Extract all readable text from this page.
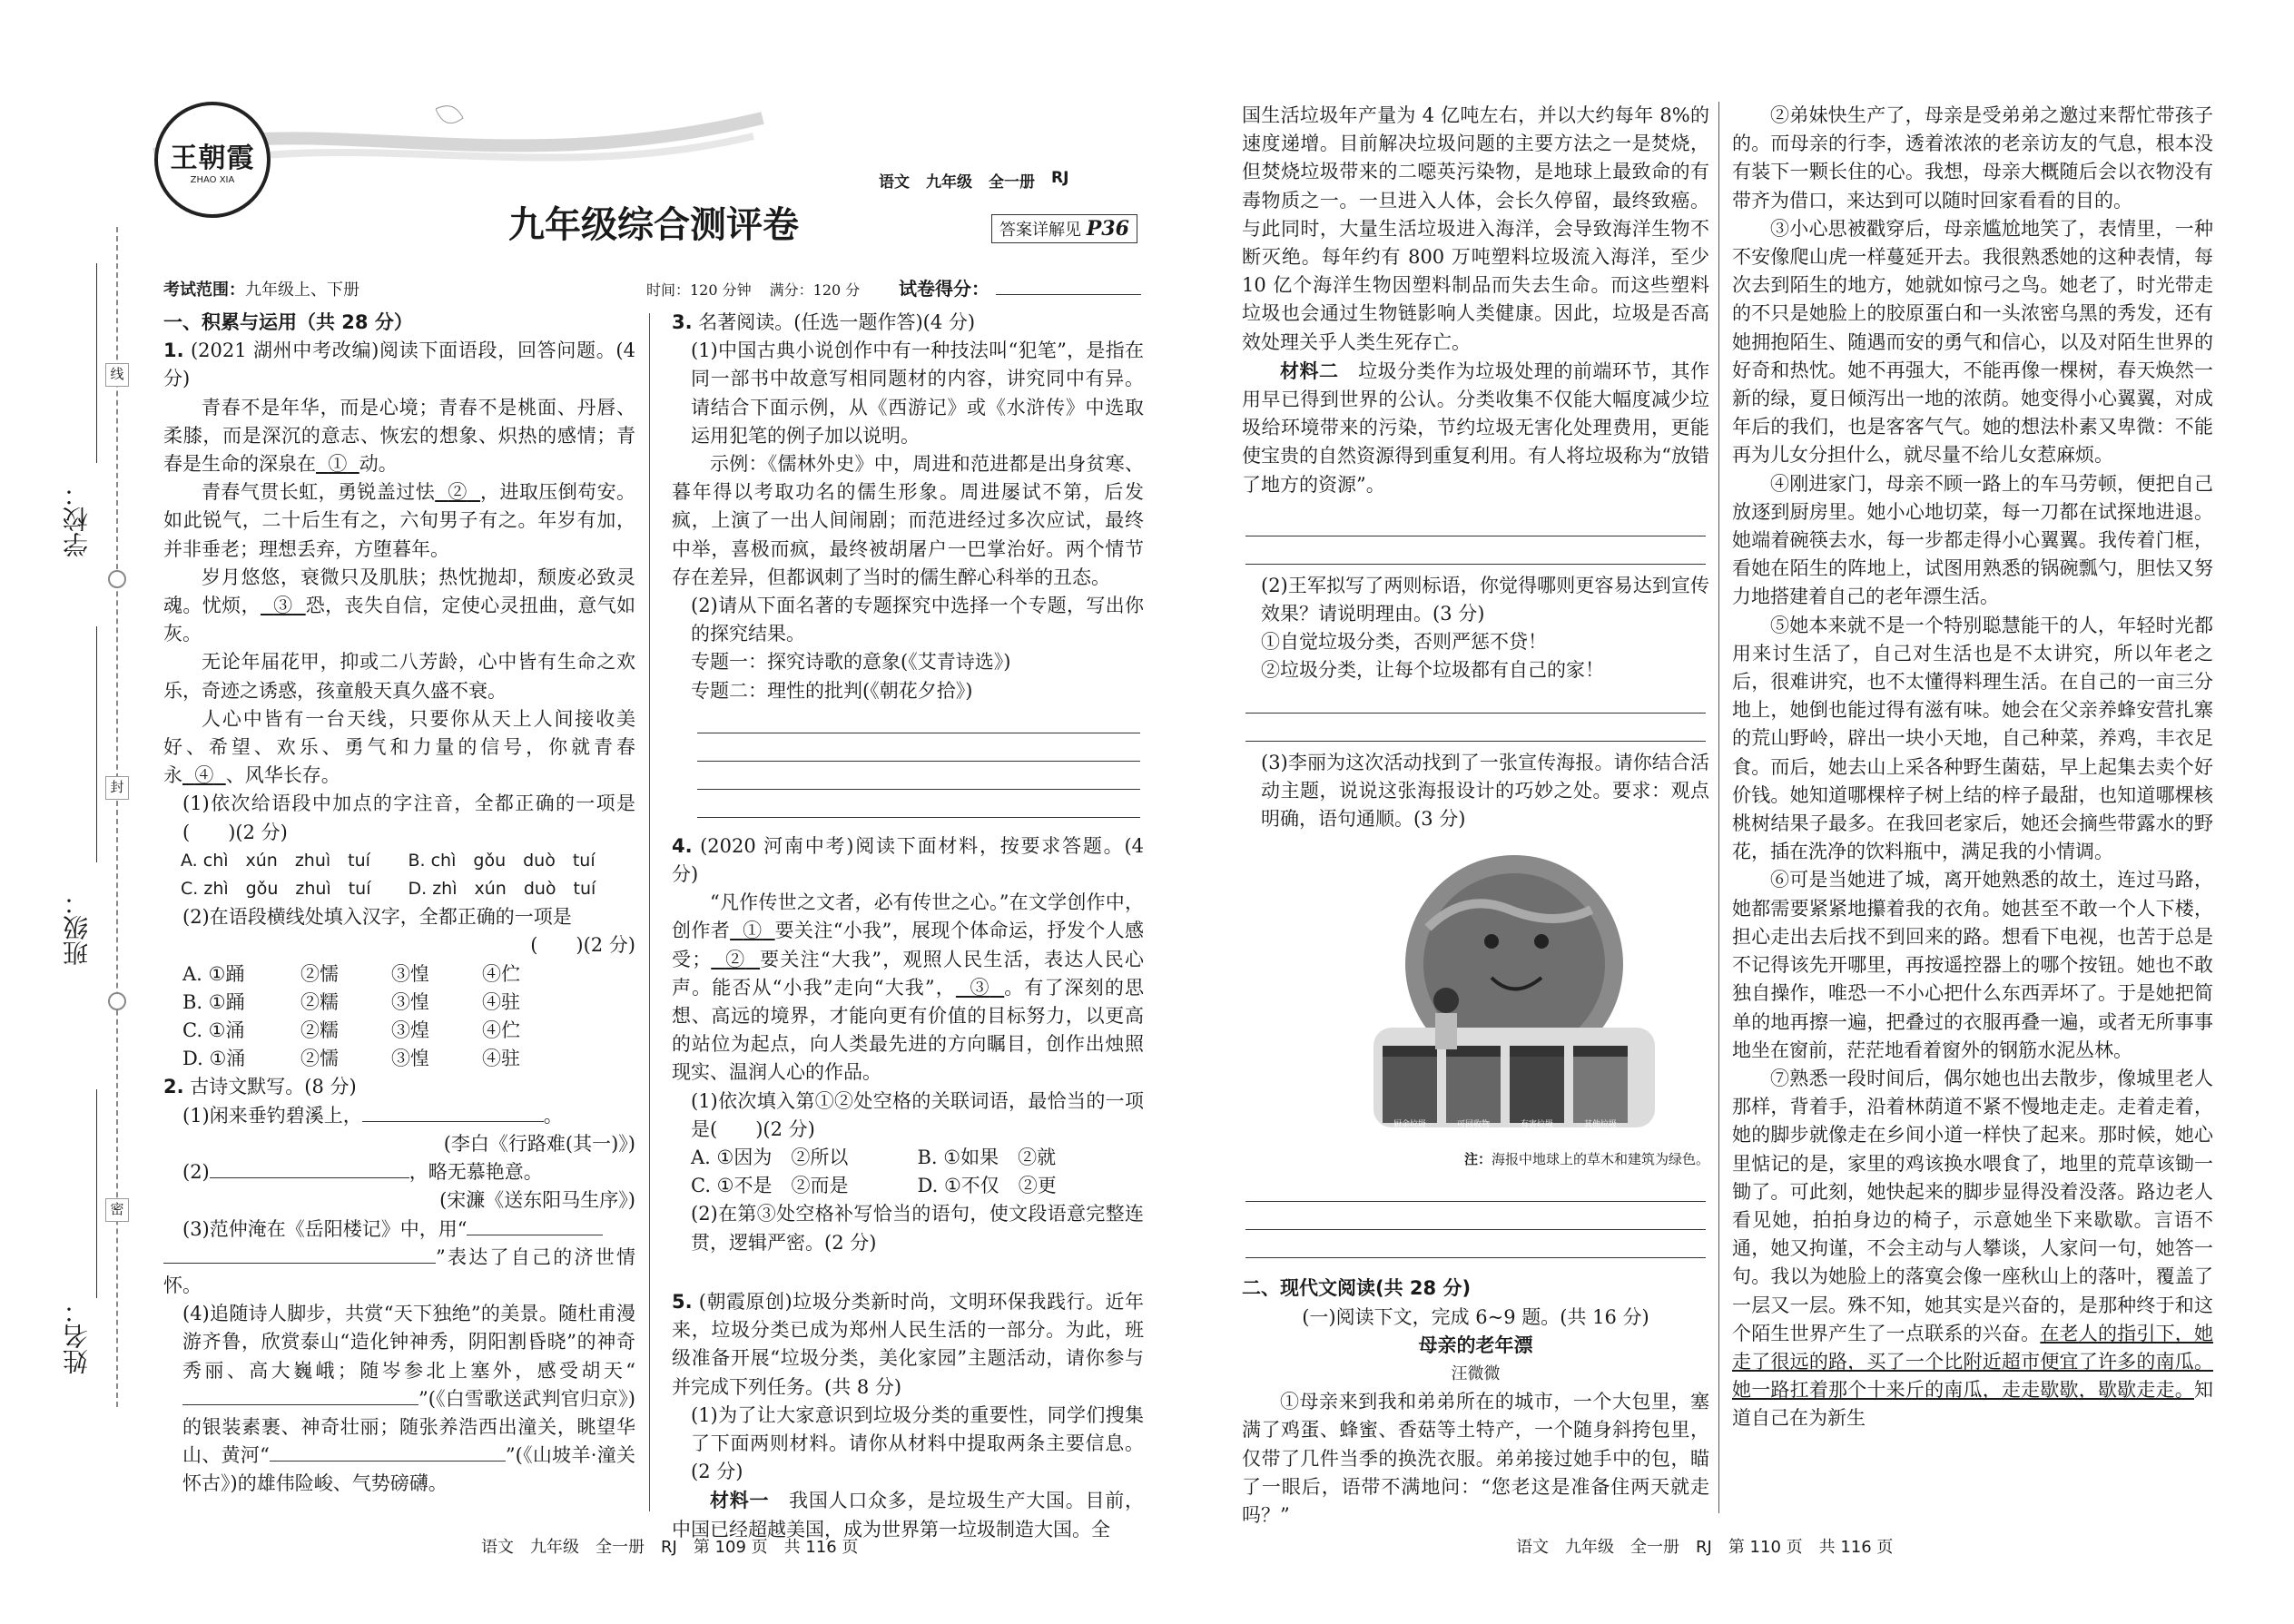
学校：
班级：
姓名：
线
封
密
王朝霞
ZHAO XIA
九年级综合测评卷
语文 九年级 全一册 RJ
答案详解见 P36
考试范围：九年级上、下册	时间：120 分钟 满分：120 分 试卷得分：

一、积累与运用（共 28 分）

1. (2021 湖州中考改编)阅读下面语段，回答问题。(4 分)

青春不是年华，而是心境；青春不是桃面、丹唇、柔膝，而是深沉的意志、恢宏的想象、炽热的感情；青春是生命的深泉在 ① 动。

青春气贯长虹，勇锐盖过怯 ② ，进取压倒苟安。如此锐气，二十后生有之，六旬男子有之。年岁有加，并非垂老；理想丢弃，方堕暮年。

岁月悠悠，衰微只及肌肤；热忱抛却，颓废必致灵魂。忧烦， ③ 恐，丧失自信，定使心灵扭曲，意气如灰。

无论年届花甲，抑或二八芳龄，心中皆有生命之欢乐，奇迹之诱惑，孩童般天真久盛不衰。

人心中皆有一台天线，只要你从天上人间接收美好、希望、欢乐、勇气和力量的信号，你就青春永 ④ 、风华长存。

(1)依次给语段中加点的字注音，全都正确的一项是(　　)(2 分)

A. chì　xún　zhuì　tuí	B. chì　gǒu　duò　tuí
C. zhì　gǒu　zhuì　tuí	D. zhì　xún　duò　tuí

(2)在语段横线处填入汉字，全都正确的一项是

(　　)(2 分)

A. ①踊	②懦	③惶	④伫
B. ①踊	②糯	③惶	④驻
C. ①涌	②糯	③煌	④伫
D. ①涌	②懦	③惶	④驻

2. 古诗文默写。(8 分)

(1)闲来垂钓碧溪上，	。

(李白《行路难(其一)》)

(2)	，略无慕艳意。

(宋濂《送东阳马生序》)

(3)范仲淹在《岳阳楼记》中，用“

”表达了自己的济世情怀。

(4)追随诗人脚步，共赏“天下独绝”的美景。随杜甫漫游齐鲁，欣赏泰山“造化钟神秀，阴阳割昏晓”的神奇秀丽、高大巍峨；随岑参北上塞外，感受胡天“”(《白雪歌送武判官归京》)的银装素裹、神奇壮丽；随张养浩西出潼关，眺望华山、黄河“	”(《山坡羊·潼关怀古》)的雄伟险峻、气势磅礴。

语文　九年级　全一册　RJ　第 109 页　共 116 页

3. 名著阅读。(任选一题作答)(4 分)

(1)中国古典小说创作中有一种技法叫“犯笔”，是指在同一部书中故意写相同题材的内容，讲究同中有异。请结合下面示例，从《西游记》或《水浒传》中选取运用犯笔的例子加以说明。

示例：《儒林外史》中，周进和范进都是出身贫寒、暮年得以考取功名的儒生形象。周进屡试不第，后发疯，上演了一出人间闹剧；而范进经过多次应试，最终中举，喜极而疯，最终被胡屠户一巴掌治好。两个情节存在差异，但都讽刺了当时的儒生醉心科举的丑态。

(2)请从下面名著的专题探究中选择一个专题，写出你的探究结果。

专题一：探究诗歌的意象(《艾青诗选》)

专题二：理性的批判(《朝花夕拾》)

4. (2020 河南中考)阅读下面材料，按要求答题。(4 分)

“凡作传世之文者，必有传世之心。”在文学创作中，创作者 ① 要关注“小我”，展现个体命运，抒发个人感受； ② 要关注“大我”，观照人民生活，表达人民心声。能否从“小我”走向“大我”， ③ 。有了深刻的思想、高远的境界，才能向更有价值的目标努力，以更高的站位为起点，向人类最先进的方向瞩目，创作出烛照现实、温润人心的作品。

(1)依次填入第①②处空格的关联词语，最恰当的一项是(　　)(2 分)

A. ①因为　②所以	B. ①如果　②就
C. ①不是　②而是	D. ①不仅　②更

(2)在第③处空格补写恰当的语句，使文段语意完整连贯，逻辑严密。(2 分)

5. (朝霞原创)垃圾分类新时尚，文明环保我践行。近年来，垃圾分类已成为郑州人民生活的一部分。为此，班级准备开展“垃圾分类，美化家园”主题活动，请你参与并完成下列任务。(共 8 分)

(1)为了让大家意识到垃圾分类的重要性，同学们搜集了下面两则材料。请你从材料中提取两条主要信息。(2 分)

材料一　 我国人口众多，是垃圾生产大国。目前，中国已经超越美国，成为世界第一垃圾制造大国。全

国生活垃圾年产量为 4 亿吨左右，并以大约每年 8%的速度递增。目前解决垃圾问题的主要方法之一是焚烧，但焚烧垃圾带来的二噁英污染物，是地球上最致命的有毒物质之一。一旦进入人体，会长久停留，最终致癌。与此同时，大量生活垃圾进入海洋，会导致海洋生物不断灭绝。每年约有 800 万吨塑料垃圾流入海洋，至少 10 亿个海洋生物因塑料制品而失去生命。而这些塑料垃圾也会通过生物链影响人类健康。因此，垃圾是否高效处理关乎人类生死存亡。

材料二　 垃圾分类作为垃圾处理的前端环节，其作用早已得到世界的公认。分类收集不仅能大幅度减少垃圾给环境带来的污染，节约垃圾无害化处理费用，更能使宝贵的自然资源得到重复利用。有人将垃圾称为“放错了地方的资源”。

(2)王军拟写了两则标语，你觉得哪则更容易达到宣传效果？请说明理由。(3 分)

①自觉垃圾分类，否则严惩不贷！

②垃圾分类，让每个垃圾都有自己的家！

(3)李丽为这次活动找到了一张宣传海报。请你结合活动主题，说说这张海报设计的巧妙之处。要求：观点明确，语句通顺。(3 分)

厨余垃圾	可回收物	有害垃圾	其他垃圾

注：海报中地球上的草木和建筑为绿色。

二、现代文阅读(共 28 分)

(一)阅读下文，完成 6~9 题。(共 16 分)

母亲的老年漂

汪微微

①母亲来到我和弟弟所在的城市，一个大包里，塞满了鸡蛋、蜂蜜、香菇等土特产，一个随身斜挎包里，仅带了几件当季的换洗衣服。弟弟接过她手中的包，瞄了一眼后，语带不满地问：“您老这是准备住两天就走吗？”

语文　九年级　全一册　RJ　第 110 页　共 116 页

②弟妹快生产了，母亲是受弟弟之邀过来帮忙带孩子的。而母亲的行李，透着浓浓的老亲访友的气息，根本没有装下一颗长住的心。我想，母亲大概随后会以衣物没有带齐为借口，来达到可以随时回家看看的目的。

③小心思被戳穿后，母亲尴尬地笑了，表情里，一种不安像爬山虎一样蔓延开去。我很熟悉她的这种表情，每次去到陌生的地方，她就如惊弓之鸟。她老了，时光带走的不只是她脸上的胶原蛋白和一头浓密乌黑的秀发，还有她拥抱陌生、随遇而安的勇气和信心，以及对陌生世界的好奇和热忱。她不再强大，不能再像一棵树，春天焕然一新的绿，夏日倾泻出一地的浓荫。她变得小心翼翼，对成年后的我们，也是客客气气。她的想法朴素又卑微：不能再为儿女分担什么，就尽量不给儿女惹麻烦。

④刚进家门，母亲不顾一路上的车马劳顿，便把自己放逐到厨房里。她小心地切菜，每一刀都在试探地进退。她端着碗筷去水，每一步都走得小心翼翼。我传着门框，看她在陌生的阵地上，试图用熟悉的锅碗瓢勺，胆怯又努力地搭建着自己的老年漂生活。

⑤她本来就不是一个特别聪慧能干的人，年轻时光都用来讨生活了，自己对生活也是不太讲究，所以年老之后，很难讲究，也不太懂得料理生活。在自己的一亩三分地上，她倒也能过得有滋有味。她会在父亲养蜂安营扎寨的荒山野岭，辟出一块小天地，自己种菜，养鸡，丰衣足食。而后，她去山上采各种野生菌菇，早上起集去卖个好价钱。她知道哪棵梓子树上结的梓子最甜，也知道哪棵核桃树结果子最多。在我回老家后，她还会摘些带露水的野花，插在洗净的饮料瓶中，满足我的小情调。

⑥可是当她进了城，离开她熟悉的故土，连过马路，她都需要紧紧地攥着我的衣角。她甚至不敢一个人下楼，担心走出去后找不到回来的路。想看下电视，也苦于总是不记得该先开哪里，再按遥控器上的哪个按钮。她也不敢独自操作，唯恐一不小心把什么东西弄坏了。于是她把简单的地再擦一遍，把叠过的衣服再叠一遍，或者无所事事地坐在窗前，茫茫地看着窗外的钢筋水泥丛林。

⑦熟悉一段时间后，偶尔她也出去散步，像城里老人那样，背着手，沿着林荫道不紧不慢地走走。走着走着，她的脚步就像走在乡间小道一样快了起来。那时候，她心里惦记的是，家里的鸡该换水喂食了，地里的荒草该锄一锄了。可此刻，她快起来的脚步显得没着没落。路边老人看见她，拍拍身边的椅子，示意她坐下来歇歇。言语不通，她又拘谨，不会主动与人攀谈，人家问一句，她答一句。我以为她脸上的落寞会像一座秋山上的落叶，覆盖了一层又一层。殊不知，她其实是兴奋的，是那种终于和这个陌生世界产生了一点联系的兴奋。在老人的指引下，她走了很远的路，买了一个比附近超市便宜了许多的南瓜。她一路扛着那个十来斤的南瓜，走走歇歇，歇歇走走。知道自己在为新生
